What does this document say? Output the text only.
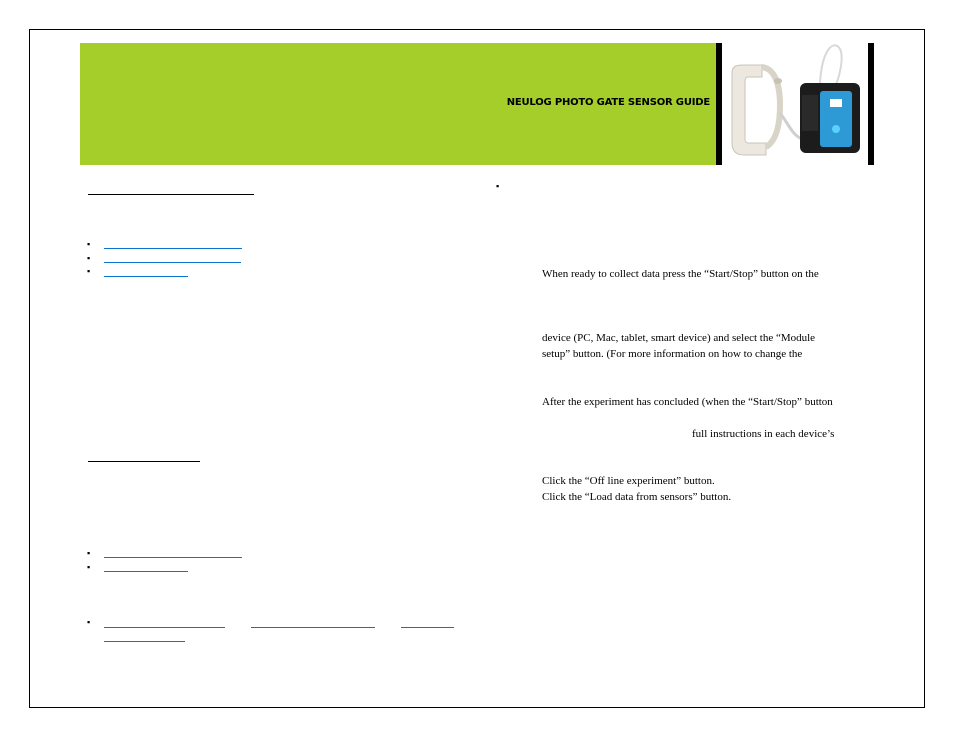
NEULOG PHOTO GATE SENSOR GUIDE
▪
▪
▪
▪
▪
▪
▪
When ready to collect data press the “Start/Stop” button on the
device (PC, Mac, tablet, smart device) and select the “Module
setup” button. (For more information on how to change the
After the experiment has concluded (when the “Start/Stop” button
full instructions in each device’s
Click the “Off line experiment” button.
Click the “Load data from sensors” button.
